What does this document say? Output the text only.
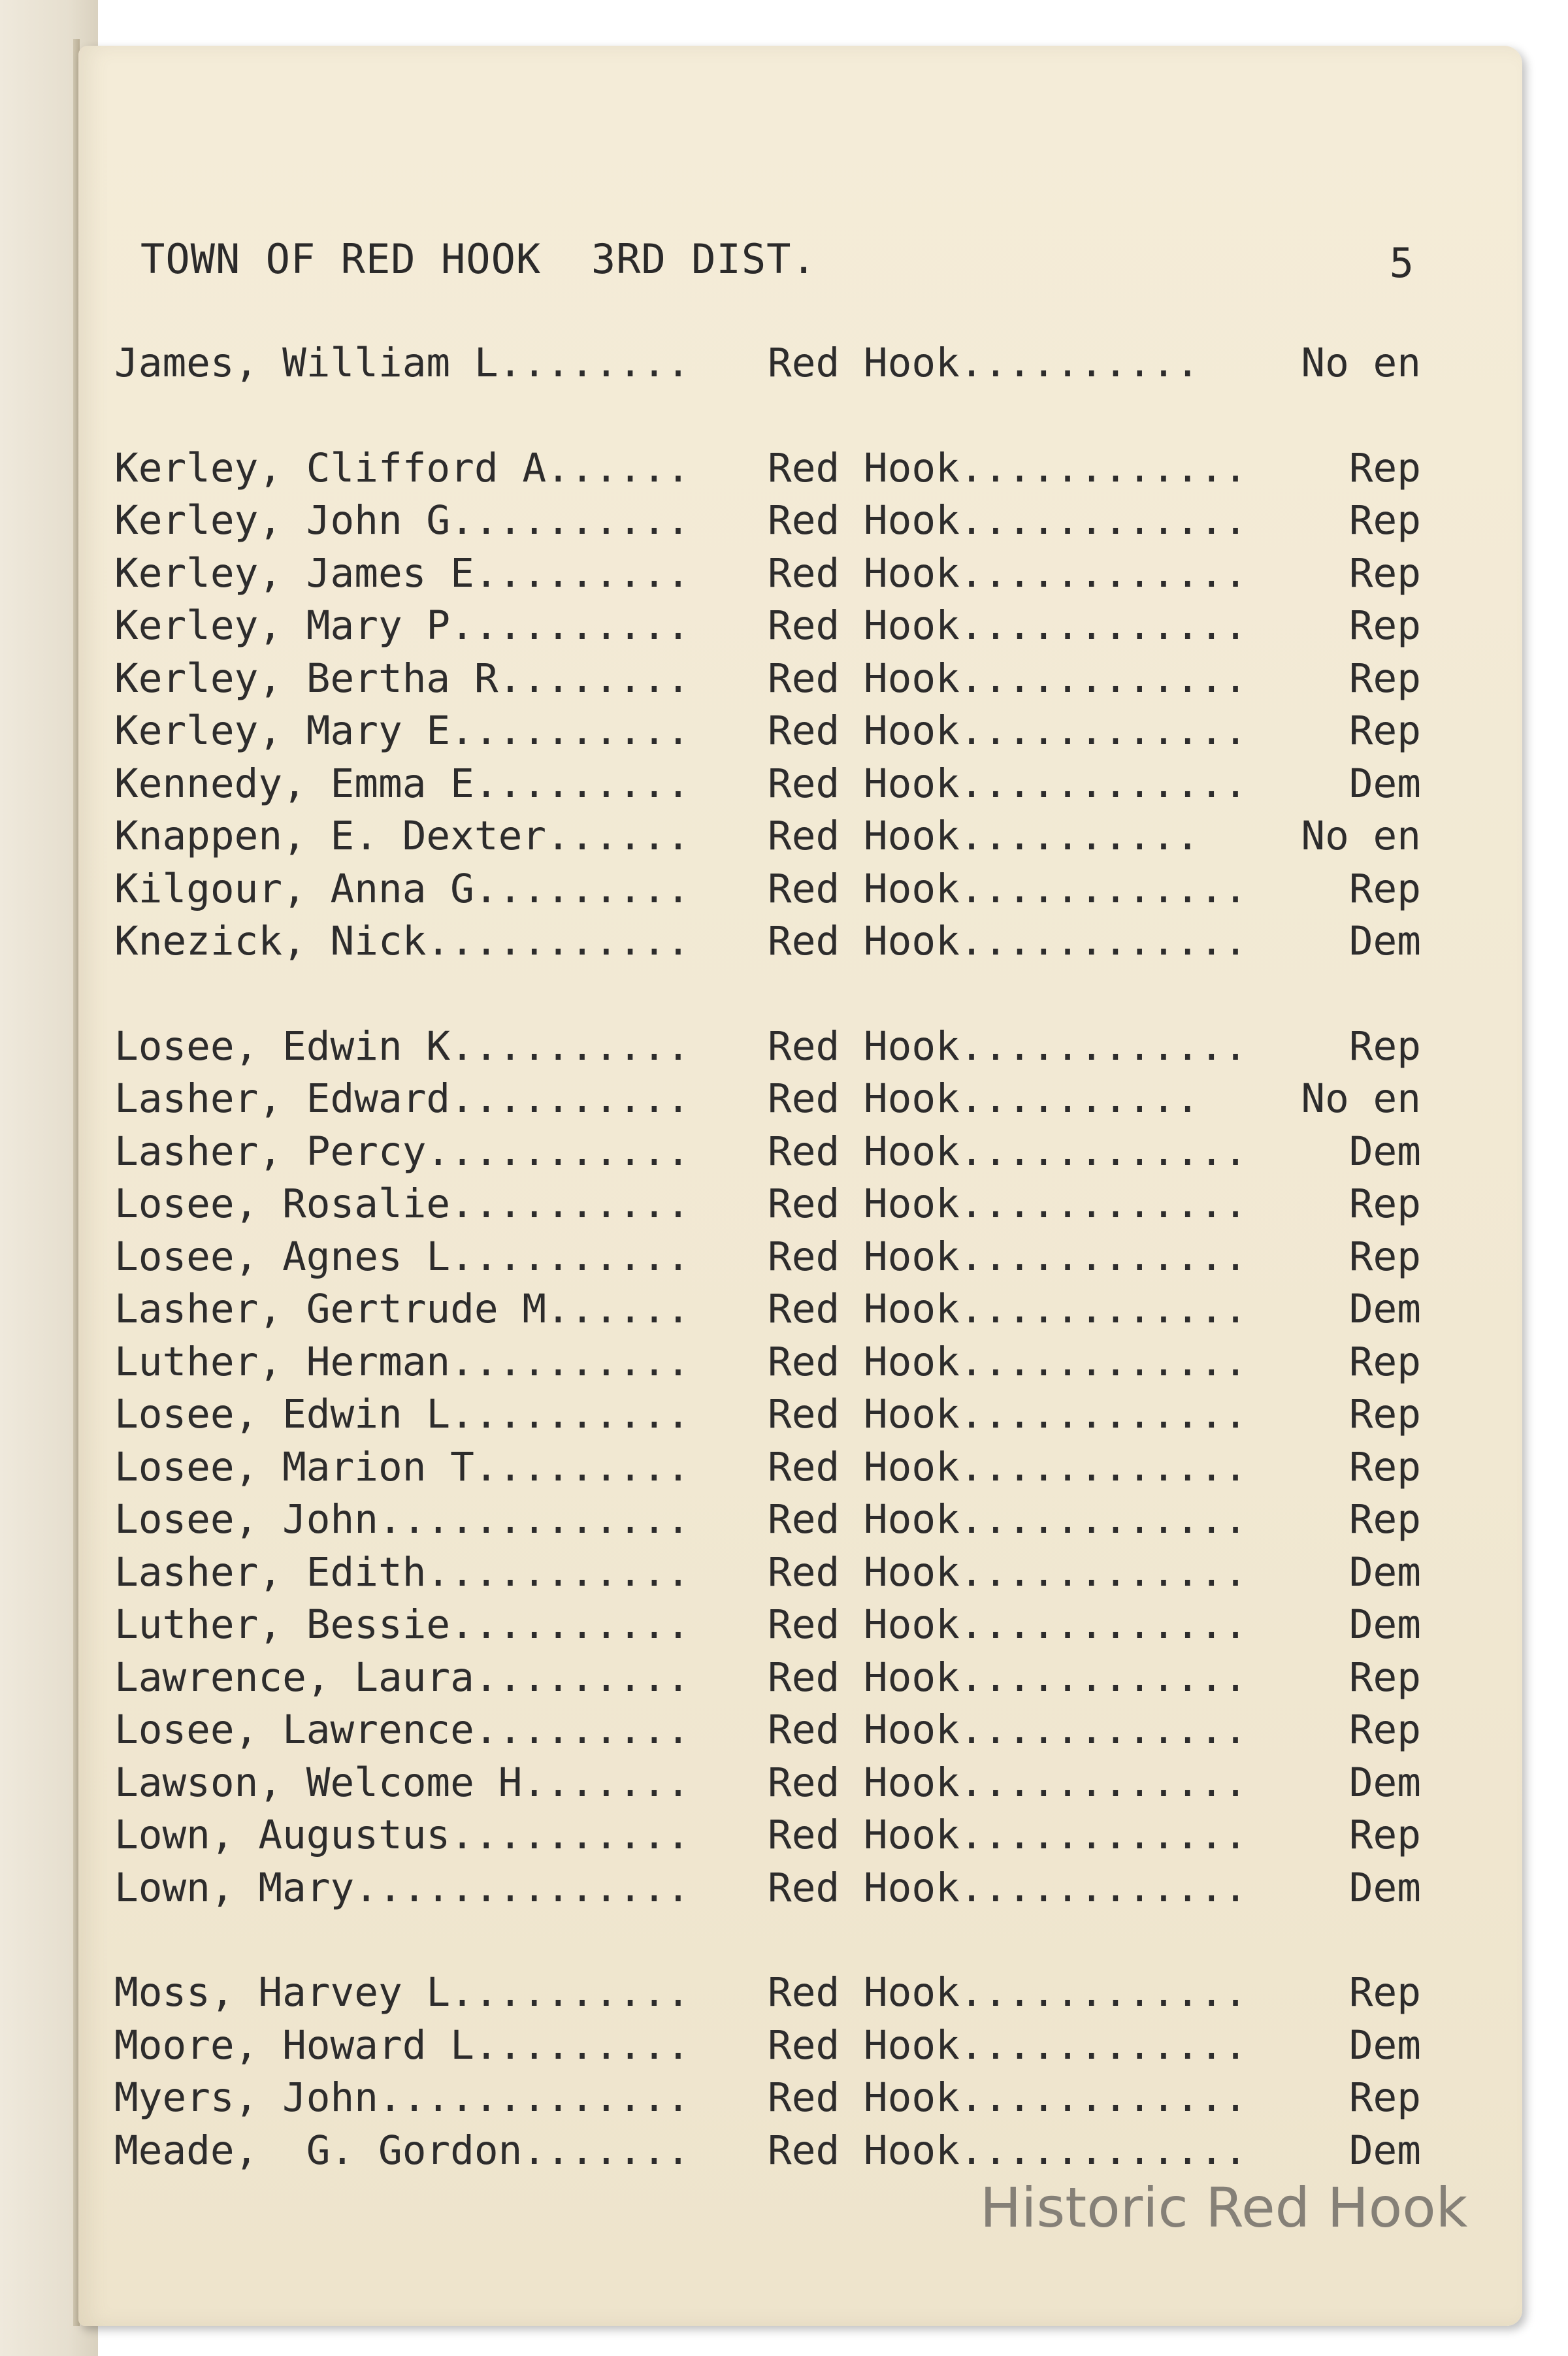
TOWN OF RED HOOK  3RD DIST.	5
James, William L........ Red Hook..........	No en
Kerley, Clifford A...... Red Hook............	Rep
Kerley, John G.......... Red Hook............	Rep
Kerley, James E......... Red Hook............	Rep
Kerley, Mary P.......... Red Hook............	Rep
Kerley, Bertha R........ Red Hook............	Rep
Kerley, Mary E.......... Red Hook............	Rep
Kennedy, Emma E......... Red Hook............	Dem
Knappen, E. Dexter...... Red Hook..........	No en
Kilgour, Anna G......... Red Hook............	Rep
Knezick, Nick........... Red Hook............	Dem
Losee, Edwin K.......... Red Hook............	Rep
Lasher, Edward.......... Red Hook..........	No en
Lasher, Percy........... Red Hook............	Dem
Losee, Rosalie.......... Red Hook............	Rep
Losee, Agnes L.......... Red Hook............	Rep
Lasher, Gertrude M...... Red Hook............	Dem
Luther, Herman.......... Red Hook............	Rep
Losee, Edwin L.......... Red Hook............	Rep
Losee, Marion T......... Red Hook............	Rep
Losee, John............. Red Hook............	Rep
Lasher, Edith........... Red Hook............	Dem
Luther, Bessie.......... Red Hook............	Dem
Lawrence, Laura......... Red Hook............	Rep
Losee, Lawrence......... Red Hook............	Rep
Lawson, Welcome H....... Red Hook............	Dem
Lown, Augustus.......... Red Hook............	Rep
Lown, Mary.............. Red Hook............	Dem
Moss, Harvey L.......... Red Hook............	Rep
Moore, Howard L......... Red Hook............	Dem
Myers, John............. Red Hook............	Rep
Meade,  G. Gordon....... Red Hook............	Dem
Historic Red Hook
